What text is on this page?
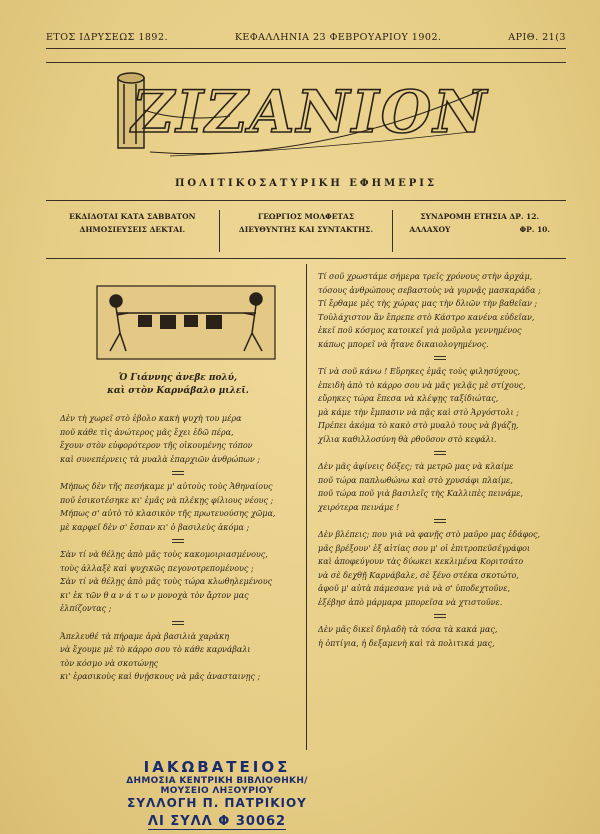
ΕΤΟΣ ΙΔΡΥΣΕΩΣ 1892.	ΚΕΦΑΛΛΗΝΙΑ 23 ΦΕΒΡΟΥΑΡΙΟΥ 1902.	ΑΡΙΘ. 21(3
ΖΙΖΑΝΙΟΝ
ΠΟΛΙΤΙΚΟΣΑΤΥΡΙΚΗ ΕΦΗΜΕΡΙΣ
ΕΚΔΙΔΟΤΑΙ ΚΑΤΑ ΣΑΒΒΑΤΟΝ
ΔΗΜΟΣΙΕΥΣΕΙΣ ΔΕΚΤΑΙ.
ΓΕΩΡΓΙΟΣ ΜΟΛΦΕΤΑΣ
ΔΙΕΥΘΥΝΤΗΣ ΚΑΙ ΣΥΝΤΑΚΤΗΣ.
ΣΥΝΔΡΟΜΗ ΕΤΗΣΙΑ ΔΡ. 12.
ΑΛΛΑΧΟΥ	ΦΡ. 10.
Ὁ Γιάννης ἀνεβε πολύ,
καὶ στὸν Καρνάβαλο μιλεῖ.

Δὲν τὴ χωρεῖ στὸ ἐβολο κακὴ ψυχὴ του μέρα
ποῦ κάθε τὶς ἀνώτερος μᾶς ἔχει ἐδῶ πέρα,
ἔχουν στὸν εὐφορότερον τῆς οἰκουμένης τόπον
καὶ συνεπέρνεις τὰ μυαλὰ ἐπαρχιῶν ἀνθρώπων ;

Μήπως δὲν τῆς πεσήκαμε μ' αὐτοὺς τοὺς Ἀθηναίους
ποῦ ἐσικοτέσηκε κι' ἐμᾶς νὰ πλέκῃς φίλιους νέους ;
Μήπως σ' αὐτὸ τὸ κλασικὸν τῆς πρωτευούσης χῶμα,
μὲ καρφεῖ δὲν σ' ἔσπαν κι' ὁ βασιλεὺς ἀκόμα ;

Σὰν τί νὰ θέλῃς ἀπὸ μᾶς τοὺς κακομοιριασμένους,
τοὺς ἀλλαξὲ καὶ ψυχικῶς πεγονοτρεπομένους ;
Σὰν τί νὰ θέλῃς ἀπὸ μᾶς τοὺς τώρα κλωθηλεμένους
κι' ἐκ τῶν θ α ν ά τ ω ν μονοχὰ τὸν ἄρτον μας ἐλπίζοντας ;

Ἀπελευθέ τὰ πήραμε ἀρὰ βασιλιὰ χαρὰκη
νὰ ἔχουμε μὲ τὸ κάρρο σου τὸ κάθε καρνάβαλι
τὸν κόσμο νὰ σκοτώνῃς
κι' ἐρασικοὺς καὶ θνῄσκους νὰ μᾶς ἀνασταινῃς ;

Τί σοῦ χρωστάμε σήμερα τρεῖς χρόνους στὴν ἀρχάμ,
τόσους ἀνθρώπους σεβαστοὺς νὰ γυρνᾷς μασκαράδα ;
Τί ἔρθαμε μὲς τὴς χώρας μας τὴν δλιῶν τὴν βαθεῖαν ;
Τοὐλάχιστον ἂν ἔπρεπε στὸ Κάστρο κανένα εὐδεῖαν,
ἐκεῖ ποῦ κόσμος κατοικεῖ γιὰ μοῦρλα γεννημένος
κάπως μπορεῖ νὰ ἦτανε δικαιολογημένος.

Τί νὰ σοῦ κάνω ! Εὔρηκες ἐμᾶς τοὺς φιλησύχους,
ἐπειδὴ ἀπὸ τὸ κάρρο σου νὰ μᾶς γελᾷς μὲ στίχους,
εὔρηκες τώρα ἔπεσα νὰ κλέψῃς ταξίδιώτας,
μὰ κάμε τὴν ἔμπασιν νὰ πᾷς καὶ στὸ Ἀργόστολι ;
Πρέπει ἀκόμα τὸ κακὸ στὸ μυαλὸ τους νὰ βγάζῃ,
χίλια καθιλλοσύνη θὰ ρθοῦσον στὸ κεφάλι.

Δὲν μᾶς ἀφίνεις δόξες; τὰ μετρῶ μας νὰ κλαίμε
ποῦ τώρα παπλωθώνω καὶ στὸ χρυσάφι πλαίμε,
ποῦ τώρα ποῦ γιὰ βασιλεῖς τὴς Καλλιπὲς πεινάμε,
χειρότερα πεινάμε !

Δὲν βλέπεις; που γιὰ νὰ φανῇς στὸ μαῦρο μας ἐδάφος,
μᾶς βρέξουν' ἐξ αἰτίας σου μ' οἱ ἐπιτροπεῦσέγράφοι
καὶ ἀποφεύγουν τὰς δύωκει κεκλιμένα Κοριτσάτο
νὰ σὲ δεχθῇ Καρνάβαλε, σὲ ξένο στέκα σκοτώτο,
ἀφοῦ μ' αὐτὰ πάμεσανε γιὰ νὰ σ' ὑποδεχτοῦνε,
ἐξέβησ ἀπὸ μάρμαρα μπορεῖσα νὰ χτιστοῦνε.

Δὲν μᾶς δικεῖ δηλαδὴ τὰ τόσα τὰ κακά μας,
ἡ ὁπτίγια, ἡ δεξαμενὴ καὶ τὰ πολιτικά μας,

ΙΑΚΩΒΑΤΕΙΟΣ
ΔΗΜΟΣΙΑ ΚΕΝΤΡΙΚΗ ΒΙΒΛΙΟΘΗΚΗ/ΜΟΥΣΕΙΟ ΛΗΞΟΥΡΙΟΥ
ΣΥΛΛΟΓΗ Π. ΠΑΤΡΙΚΙΟΥ
ΛΙ ΣΥΛΛ Φ 30062
